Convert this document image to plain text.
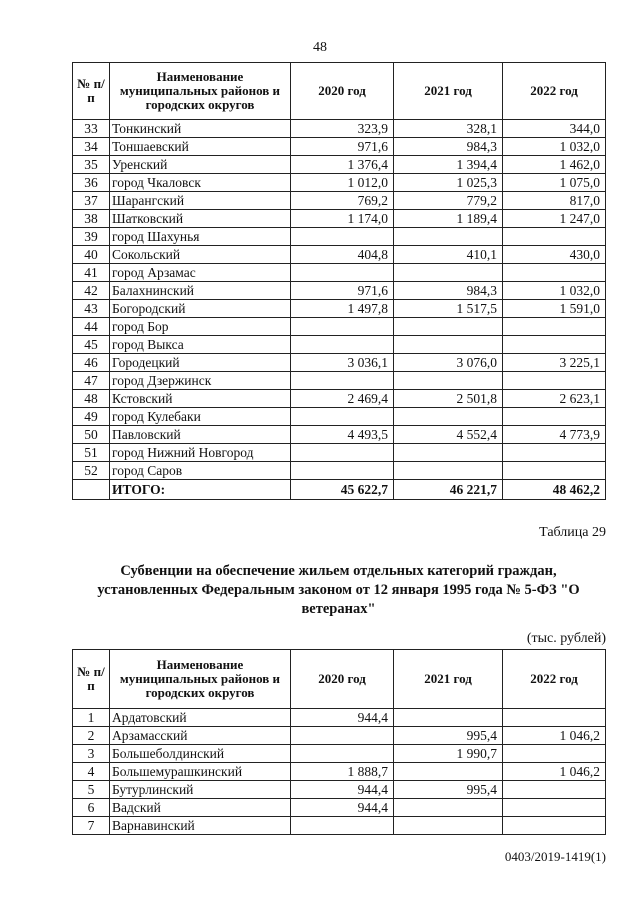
48
№ п/п	Наименование муниципальных районов и городских округов	2020 год	2021 год	2022 год
33	Тонкинский	323,9	328,1	344,0
34	Тоншаевский	971,6	984,3	1 032,0
35	Уренский	1 376,4	1 394,4	1 462,0
36	город Чкаловск	1 012,0	1 025,3	1 075,0
37	Шарангский	769,2	779,2	817,0
38	Шатковский	1 174,0	1 189,4	1 247,0
39	город Шахунья			
40	Сокольский	404,8	410,1	430,0
41	город Арзамас			
42	Балахнинский	971,6	984,3	1 032,0
43	Богородский	1 497,8	1 517,5	1 591,0
44	город Бор			
45	город Выкса			
46	Городецкий	3 036,1	3 076,0	3 225,1
47	город Дзержинск			
48	Кстовский	2 469,4	2 501,8	2 623,1
49	город Кулебаки			
50	Павловский	4 493,5	4 552,4	4 773,9
51	город Нижний Новгород			
52	город Саров			
	ИТОГО:	45 622,7	46 221,7	48 462,2
Таблица 29
Субвенции на обеспечение жильем отдельных категорий граждан, установленных Федеральным законом от 12 января 1995 года № 5-ФЗ "О ветеранах"
(тыс. рублей)
№ п/п	Наименование муниципальных районов и городских округов	2020 год	2021 год	2022 год
1	Ардатовский	944,4		
2	Арзамасский		995,4	1 046,2
3	Большеболдинский		1 990,7	
4	Большемурашкинский	1 888,7		1 046,2
5	Бутурлинский	944,4	995,4	
6	Вадский	944,4		
7	Варнавинский			
0403/2019-1419(1)
